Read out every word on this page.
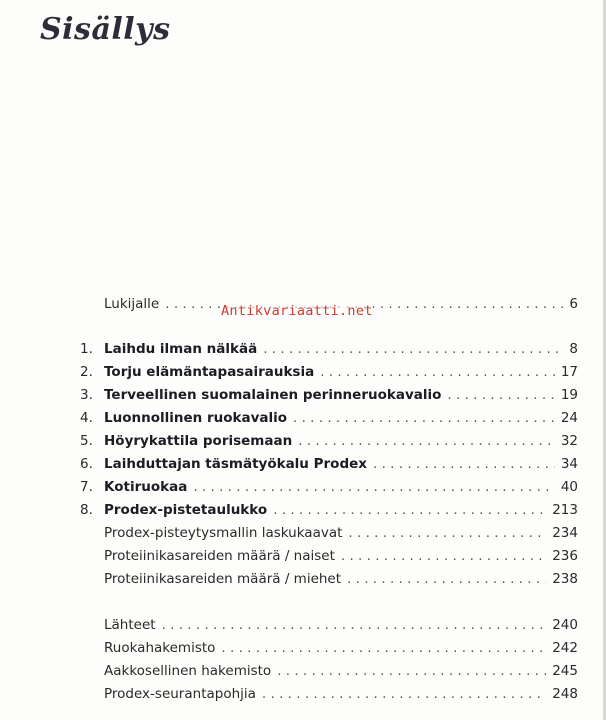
Sisällys
Lukijalle . . .	6
Antikvariaatti.net
1. Laihdu ilman nälkää . . .	8
2. Torju elämäntapasairauksia . . .	17
3. Terveellinen suomalainen perinneruokavalio . . .	19
4. Luonnollinen ruokavalio . . .	24
5. Höyrykattila porisemaan . . .	32
6. Laihduttajan täsmätyökalu Prodex . . .	34
7. Kotiruokaa . . .	40
8. Prodex-pistetaulukko . . .	213
Prodex-pisteytysmallin laskukaavat . . .	234
Proteiinikasareiden määrä / naiset . . .	236
Proteiinikasareiden määrä / miehet . . .	238
Lähteet . . .	240
Ruokahakemisto . . .	242
Aakkosellinen hakemisto . . .	245
Prodex-seurantapohjia . . .	248
